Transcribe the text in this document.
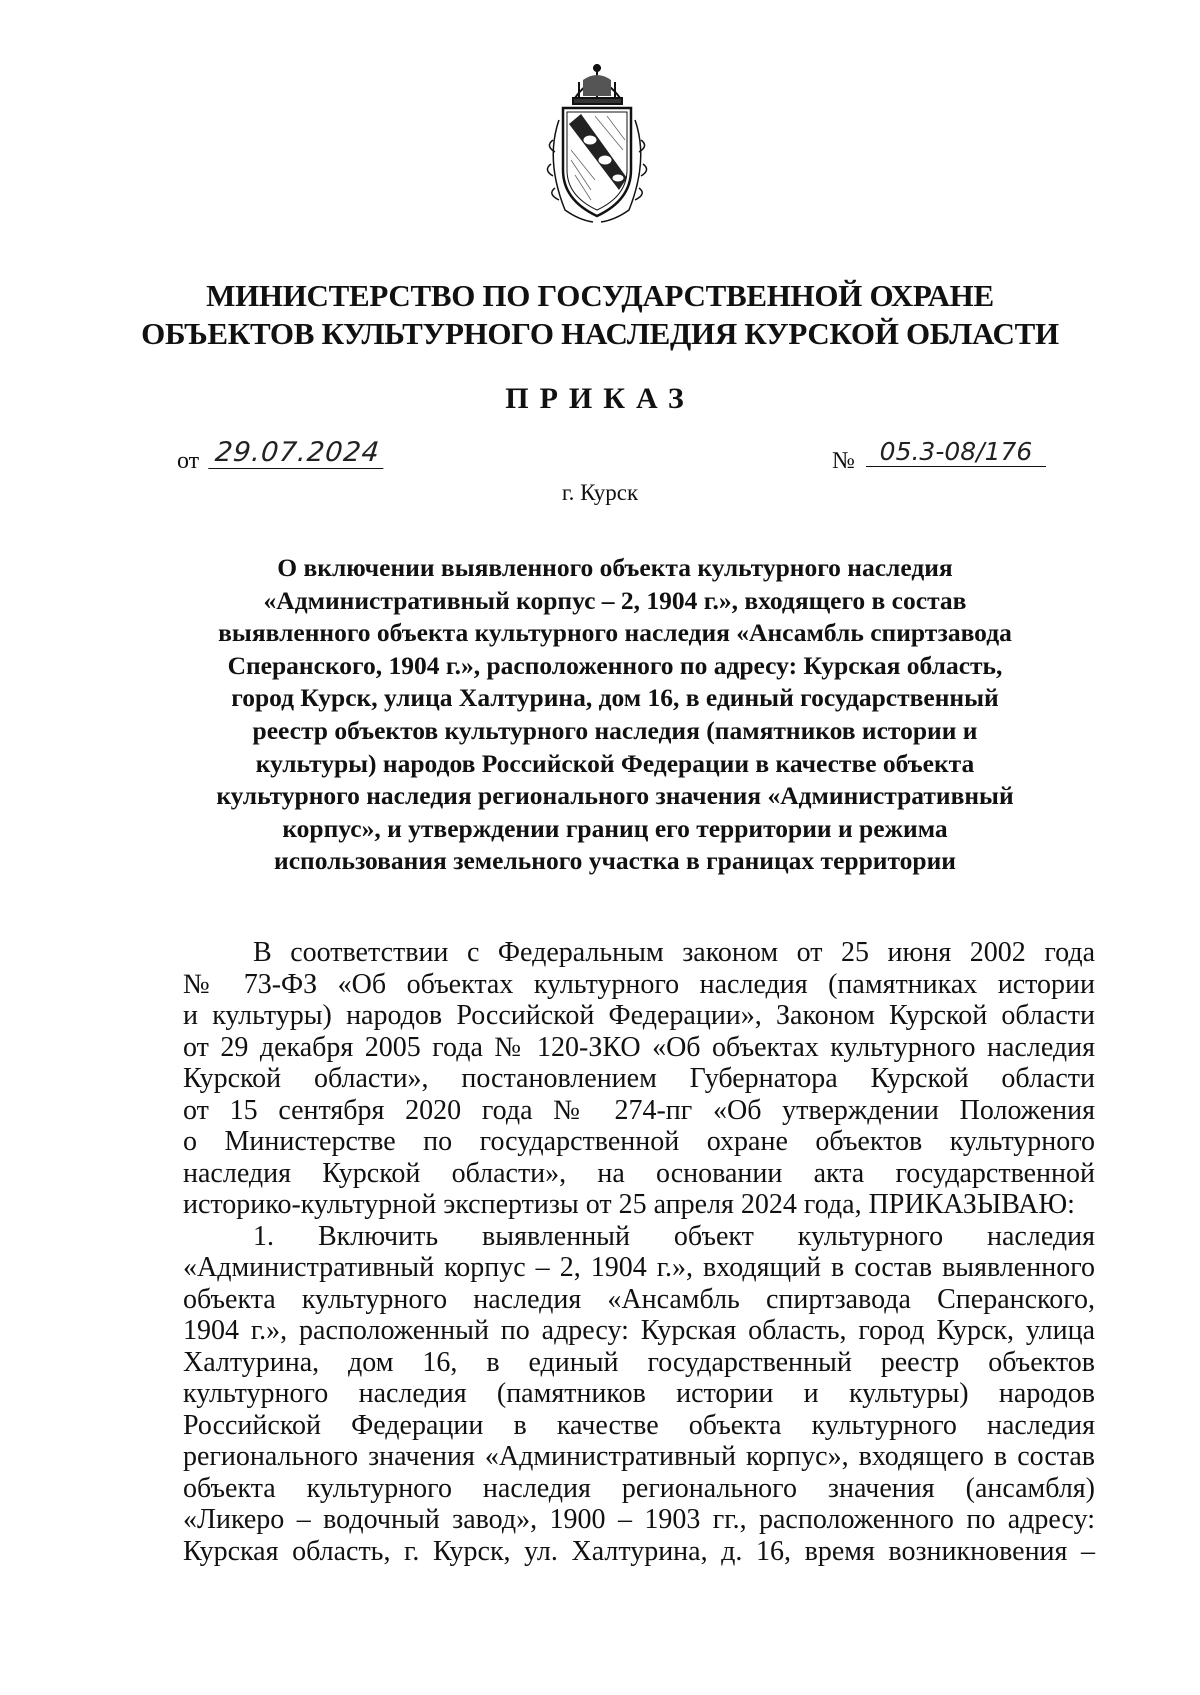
МИНИСТЕРСТВО ПО ГОСУДАРСТВЕННОЙ ОХРАНЕ
ОБЪЕКТОВ КУЛЬТУРНОГО НАСЛЕДИЯ КУРСКОЙ ОБЛАСТИ
ПРИКАЗ
от 29.07.2024	№ 05.3-08/176
г. Курск
О включении выявленного объекта культурного наследия
«Административный корпус – 2, 1904 г.», входящего в состав
выявленного объекта культурного наследия «Ансамбль спиртзавода
Сперанского, 1904 г.», расположенного по адресу: Курская область,
город Курск, улица Халтурина, дом 16, в единый государственный
реестр объектов культурного наследия (памятников истории и
культуры) народов Российской Федерации в качестве объекта
культурного наследия регионального значения «Административный
корпус», и утверждении границ его территории и режима
использования земельного участка в границах территории
В соответствии с Федеральным законом от 25 июня 2002 года
№ 73-ФЗ «Об объектах культурного наследия (памятниках истории
и культуры) народов Российской Федерации», Законом Курской области
от 29 декабря 2005 года № 120-ЗКО «Об объектах культурного наследия
Курской области», постановлением Губернатора Курской области
от 15 сентября 2020 года № 274-пг «Об утверждении Положения
о Министерстве по государственной охране объектов культурного
наследия Курской области», на основании акта государственной
историко-культурной экспертизы от 25 апреля 2024 года, ПРИКАЗЫВАЮ:
1. Включить выявленный объект культурного наследия
«Административный корпус – 2, 1904 г.», входящий в состав выявленного
объекта культурного наследия «Ансамбль спиртзавода Сперанского,
1904 г.», расположенный по адресу: Курская область, город Курск, улица
Халтурина, дом 16, в единый государственный реестр объектов
культурного наследия (памятников истории и культуры) народов
Российской Федерации в качестве объекта культурного наследия
регионального значения «Административный корпус», входящего в состав
объекта культурного наследия регионального значения (ансамбля)
«Ликеро – водочный завод», 1900 – 1903 гг., расположенного по адресу:
Курская область, г. Курск, ул. Халтурина, д. 16, время возникновения –
